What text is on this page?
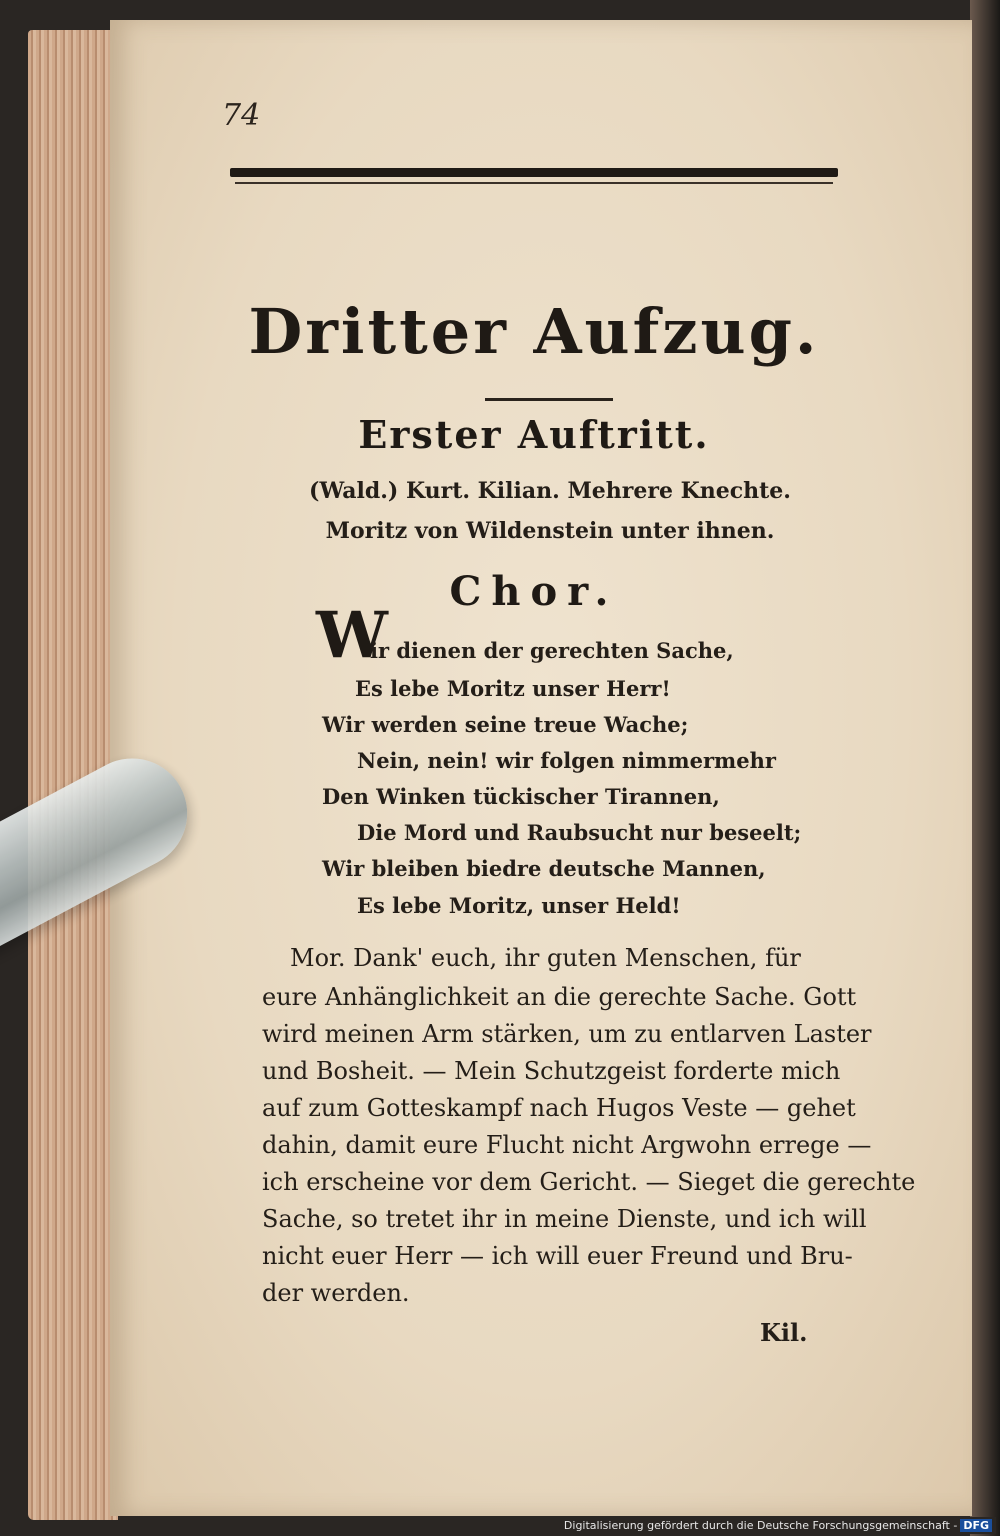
74
Dritter Aufzug.
Erster Auftritt.
(Wald.) Kurt. Kilian. Mehrere Knechte.
Moritz von Wildenstein unter ihnen.
Chor.
W
ir dienen der gerechten Sache,
Es lebe Moritz unser Herr!
Wir werden seine treue Wache;
Nein, nein! wir folgen nimmermehr
Den Winken tückischer Tirannen,
Die Mord und Raubsucht nur beseelt;
Wir bleiben biedre deutsche Mannen,
Es lebe Moritz, unser Held!
Mor. Dank' euch, ihr guten Menschen, für
eure Anhänglichkeit an die gerechte Sache. Gott
wird meinen Arm stärken, um zu entlarven Laster
und Bosheit. — Mein Schutzgeist forderte mich
auf zum Gotteskampf nach Hugos Veste — gehet
dahin, damit eure Flucht nicht Argwohn errege —
ich erscheine vor dem Gericht. — Sieget die gerechte
Sache, so tretet ihr in meine Dienste, und ich will
nicht euer Herr — ich will euer Freund und Bru-
der werden.
Kil.
Digitalisierung gefördert durch die Deutsche Forschungsgemeinschaft - DFG
